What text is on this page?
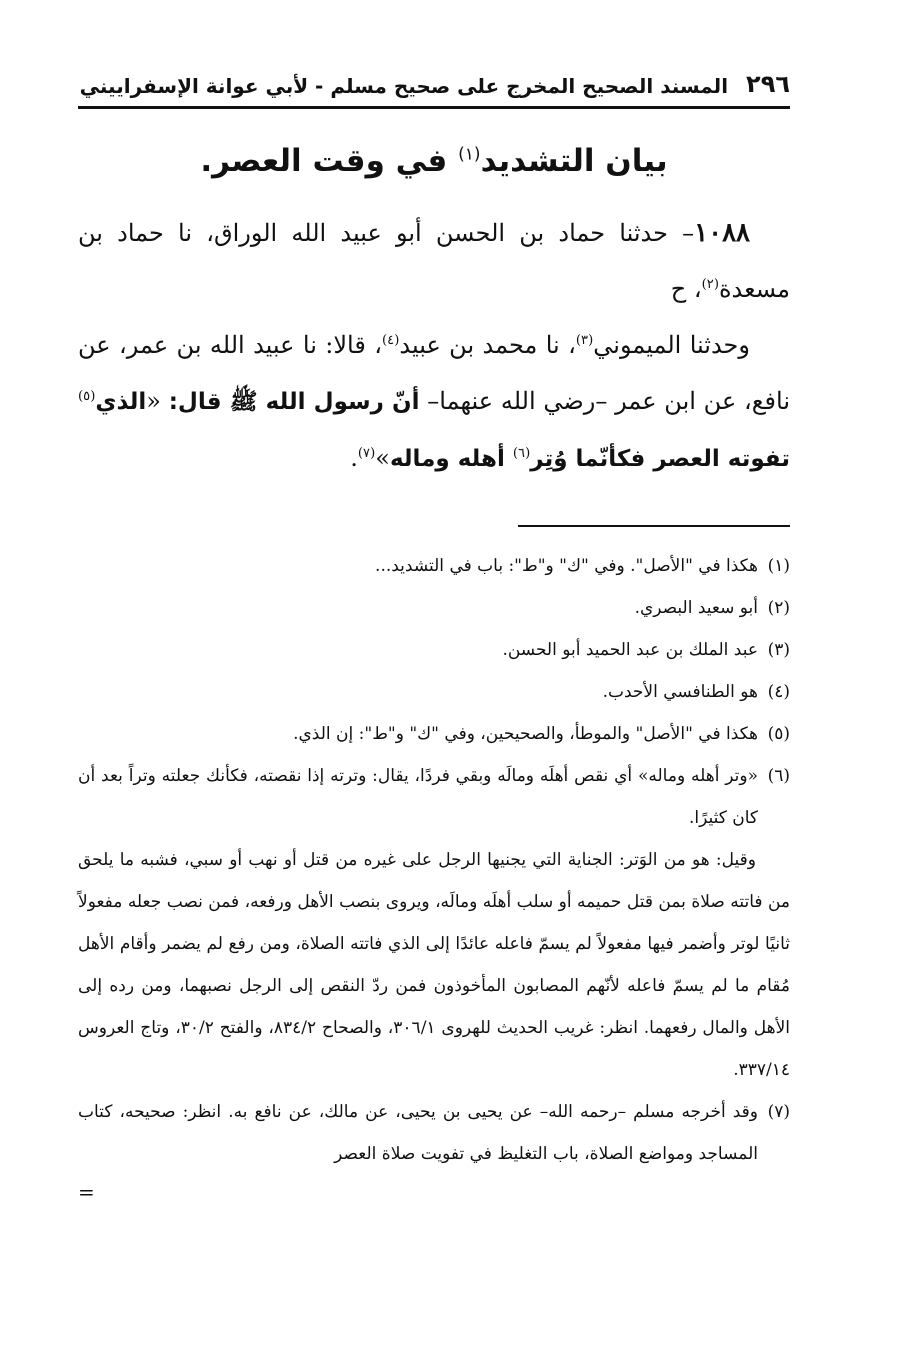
٢٩٦
المسند الصحيح المخرج على صحيح مسلم - لأبي عوانة الإسفراييني
بيان التشديد$^{(١)}$ في وقت العصر.

١٠٨٨– حدثنا حماد بن الحسن أبو عبيد الله الوراق، نا حماد بن مسعدة$^{(٢)}$، ح

وحدثنا الميموني$^{(٣)}$، نا محمد بن عبيد$^{(٤)}$، قالا: نا عبيد الله بن عمر، عن نافع، عن ابن عمر –رضي الله عنهما– أنّ رسول الله ﷺ قال: «الذي$^{(٥)}$ تفوته العصر فكأنّما وُتِر$^{(٦)}$ أهله وماله»$^{(٧)}$.

(١)
هكذا في "الأصل". وفي "ك" و"ط": باب في التشديد...
(٢)
أبو سعيد البصري.
(٣)
عبد الملك بن عبد الحميد أبو الحسن.
(٤)
هو الطنافسي الأحدب.
(٥)
هكذا في "الأصل" والموطأ، والصحيحين، وفي "ك" و"ط": إن الذي.
(٦)
«وتر أهله وماله» أي نقص أهلَه ومالَه وبقي فردًا، يقال: وترته إذا نقصته، فكأنك جعلته وتراً بعد أن كان كثيرًا.

وقيل: هو من الوَتر: الجناية التي يجنيها الرجل على غيره من قتل أو نهب أو سبي، فشبه ما يلحق من فاتته صلاة بمن قتل حميمه أو سلب أهلَه ومالَه، ويروى بنصب الأهل ورفعه، فمن نصب جعله مفعولاً ثانيًا لوتر وأضمر فيها مفعولاً لم يسمّ فاعله عائدًا إلى الذي فاتته الصلاة، ومن رفع لم يضمر وأقام الأهل مُقام ما لم يسمّ فاعله لأنّهم المصابون المأخوذون فمن ردّ النقص إلى الرجل نصبهما، ومن رده إلى الأهل والمال رفعهما. انظر: غريب الحديث للهروى ٣٠٦/١، والصحاح ٨٣٤/٢، والفتح ٣٠/٢، وتاج العروس ٣٣٧/١٤.

(٧)
وقد أخرجه مسلم –رحمه الله– عن يحيى بن يحيى، عن مالك، عن نافع به. انظر: صحيحه، كتاب المساجد ومواضع الصلاة، باب التغليظ في تفويت صلاة العصر
=
